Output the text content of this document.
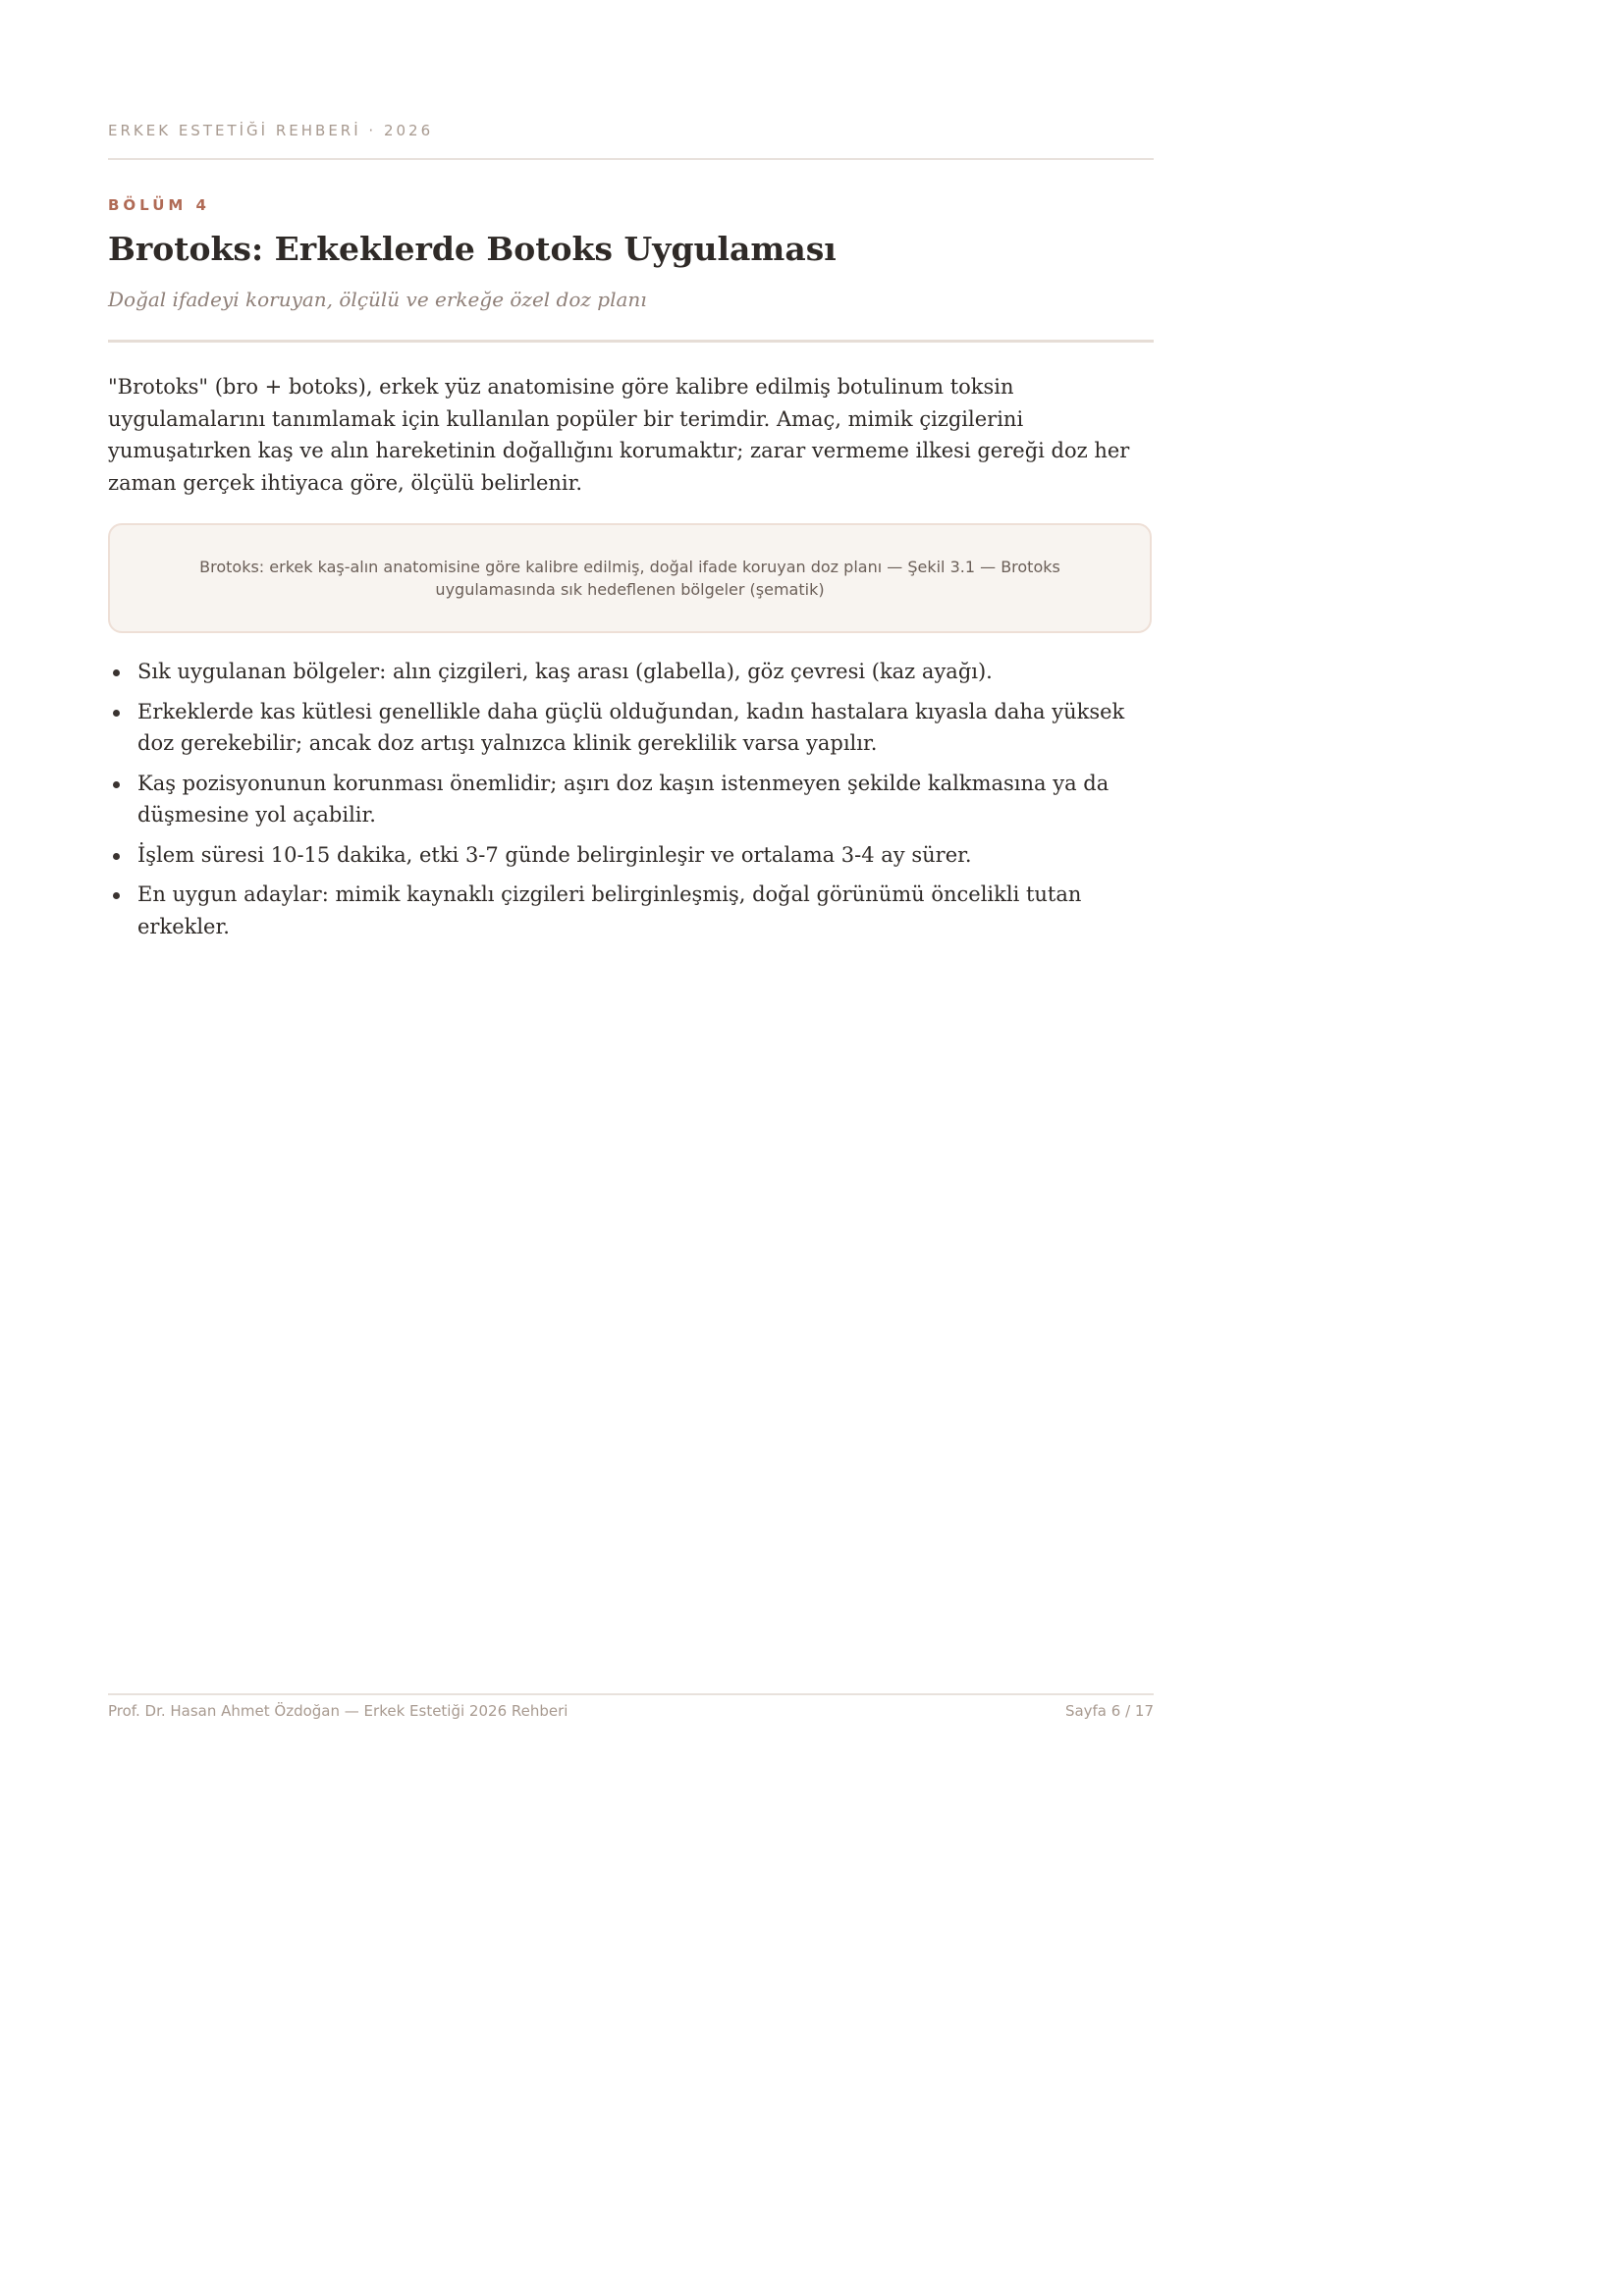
ERKEK ESTETİĞİ REHBERİ · 2026
BÖLÜM 4
Brotoks: Erkeklerde Botoks Uygulaması
Doğal ifadeyi koruyan, ölçülü ve erkeğe özel doz planı

"Brotoks" (bro + botoks), erkek yüz anatomisine göre kalibre edilmiş botulinum toksin uygulamalarını tanımlamak için kullanılan popüler bir terimdir. Amaç, mimik çizgilerini yumuşatırken kaş ve alın hareketinin doğallığını korumaktır; zarar vermeme ilkesi gereği doz her zaman gerçek ihtiyaca göre, ölçülü belirlenir.

Brotoks: erkek kaş-alın anatomisine göre kalibre edilmiş, doğal ifade koruyan doz planı — Şekil 3.1 — Brotoks uygulamasında sık hedeflenen bölgeler (şematik)
Sık uygulanan bölgeler: alın çizgileri, kaş arası (glabella), göz çevresi (kaz ayağı).
Erkeklerde kas kütlesi genellikle daha güçlü olduğundan, kadın hastalara kıyasla daha yüksek doz gerekebilir; ancak doz artışı yalnızca klinik gereklilik varsa yapılır.
Kaş pozisyonunun korunması önemlidir; aşırı doz kaşın istenmeyen şekilde kalkmasına ya da düşmesine yol açabilir.
İşlem süresi 10-15 dakika, etki 3-7 günde belirginleşir ve ortalama 3-4 ay sürer.
En uygun adaylar: mimik kaynaklı çizgileri belirginleşmiş, doğal görünümü öncelikli tutan erkekler.
Prof. Dr. Hasan Ahmet Özdoğan — Erkek Estetiği 2026 Rehberi	Sayfa 6 / 17
